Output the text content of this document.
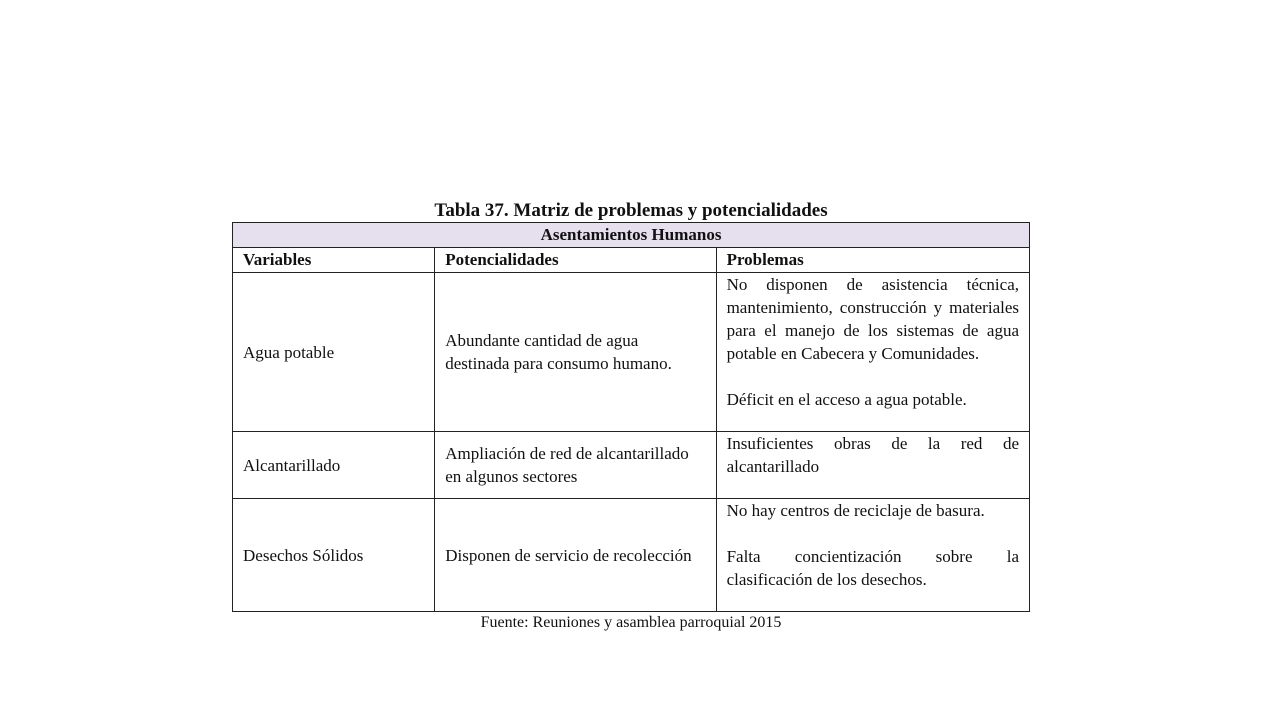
Tabla 37. Matriz de problemas y potencialidades

Asentamientos Humanos		
Variables	Potencialidades	Problemas
Agua potable	Abundante cantidad de agua destinada para consumo humano.	No disponen de asistencia técnica, mantenimiento, construcción y materiales para el manejo de los sistemas de agua potable en Cabecera y Comunidades.

Déficit en el acceso a agua potable.

Alcantarillado	Ampliación de red de alcantarillado en algunos sectores	Insuficientes obras de la red de alcantarillado

Desechos Sólidos	Disponen de servicio de recolección	No hay centros de reciclaje de basura.

Falta concientización sobre la clasificación de los desechos.

Fuente: Reuniones y asamblea parroquial 2015
